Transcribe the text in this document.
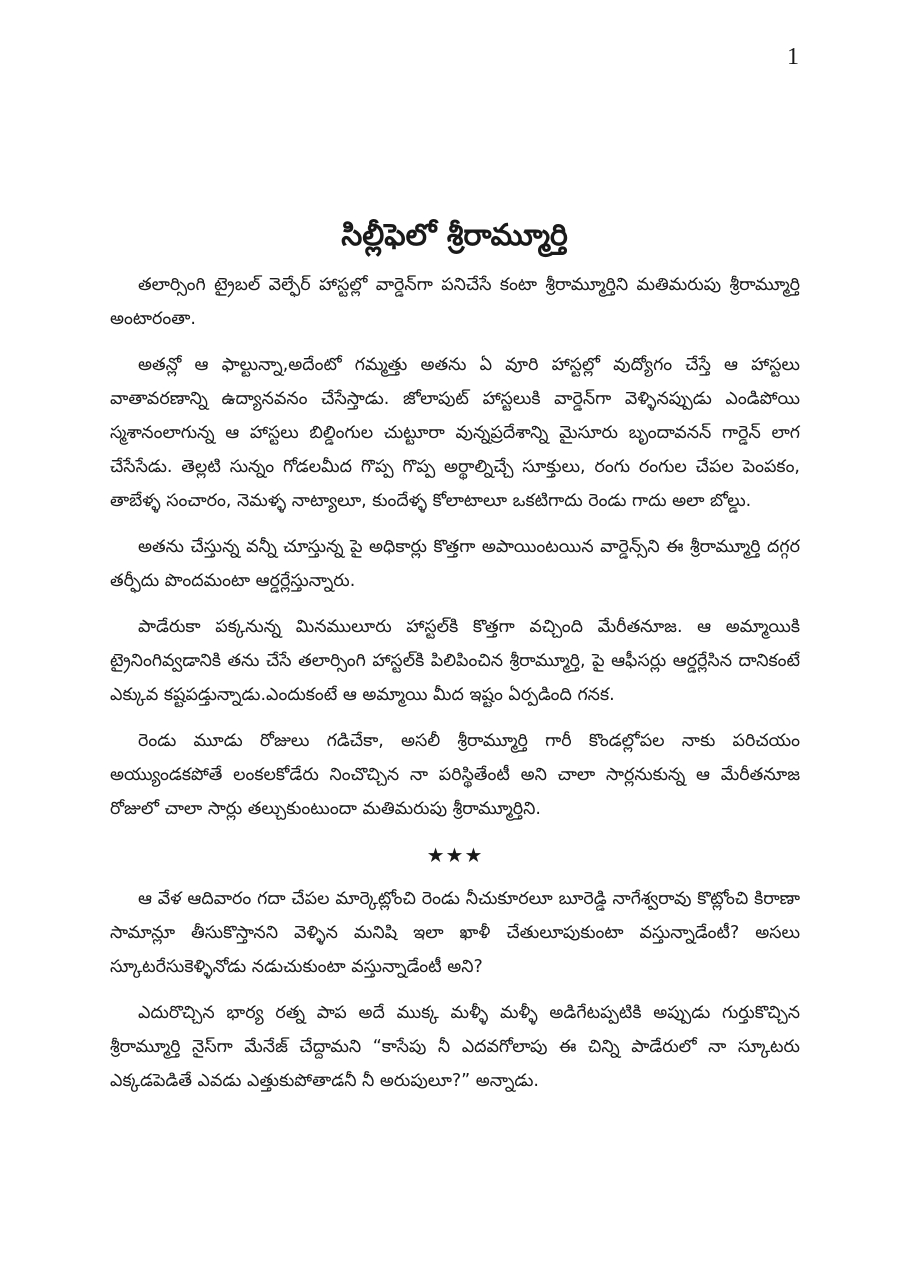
1
సిల్లీఫెలో శ్రీరామ్మూర్తి

తలార్సింగి ట్రైబల్ వెల్ఫేర్ హాస్టల్లో వార్డెన్‌గా పనిచేసే కంటా శ్రీరామ్మూర్తిని మతిమరుపు శ్రీరామ్మూర్తి అంటారంతా.

అతన్లో ఆ ఫాల్టున్నా,అదేంటో గమ్మత్తు అతను ఏ వూరి హాస్టల్లో వుద్యోగం చేస్తే ఆ హాస్టలు వాతావరణాన్ని ఉద్యానవనం చేసేస్తాడు. జోలాపుట్ హాస్టలుకి వార్డెన్‌గా వెళ్ళినప్పుడు ఎండిపోయి స్మశానంలాగున్న ఆ హాస్టలు బిల్డింగుల చుట్టూరా వున్నప్రదేశాన్ని మైసూరు బృందావనన్ గార్డెన్ లాగ చేసేసేడు. తెల్లటి సున్నం గోడలమీద గొప్ప గొప్ప అర్థాల్నిచ్చే సూక్తులు, రంగు రంగుల చేపల పెంపకం, తాబేళ్ళ సంచారం, నెమళ్ళ నాట్యాలూ, కుందేళ్ళ కోలాటాలూ ఒకటిగాదు రెండు గాదు అలా బోల్డు.

అతను చేస్తున్న వన్నీ చూస్తున్న పై అధికార్లు కొత్తగా అపాయింటయిన వార్డెన్స్‌ని ఈ శ్రీరామ్మూర్తి దగ్గర తర్ఫీదు పొందమంటా ఆర్డర్లేస్తున్నారు.

పాడేరుకా పక్కనున్న మినములూరు హాస్టల్‌కి కొత్తగా వచ్చింది మేరీతనూజ. ఆ అమ్మాయికి ట్రైనింగివ్వడానికి తను చేసే తలార్సింగి హాస్టల్‌కి పిలిపించిన శ్రీరామ్మూర్తి, పై ఆఫీసర్లు ఆర్డర్లేసిన దానికంటే ఎక్కువ కష్టపడ్తున్నాడు.ఎందుకంటే ఆ అమ్మాయి మీద ఇష్టం ఏర్పడింది గనక.

రెండు మూడు రోజులు గడిచేకా, అసలీ శ్రీరామ్మూర్తి గారీ కొండల్లోపల నాకు పరిచయం అయ్యుండకపోతే లంకలకోడేరు నించొచ్చిన నా పరిస్థితేంటీ అని చాలా సార్లనుకున్న ఆ మేరీతనూజ రోజులో చాలా సార్లు తల్చుకుంటుందా మతిమరుపు శ్రీరామ్మూర్తిని.

★★★

ఆ వేళ ఆదివారం గదా చేపల మార్కెట్లోంచి రెండు నీచుకూరలూ బూరెడ్డి నాగేశ్వరావు కొట్లోంచి కిరాణా సామాన్లూ తీసుకొస్తానని వెళ్ళిన మనిషి ఇలా ఖాళీ చేతులూపుకుంటా వస్తున్నాడేంటీ? అసలు స్కూటరేసుకెళ్ళినోడు నడుచుకుంటా వస్తున్నాడేంటీ అని?

ఎదురొచ్చిన భార్య రత్న పాప అదే ముక్క మళ్ళీ మళ్ళీ అడిగేటప్పటికి అప్పుడు గుర్తుకొచ్చిన శ్రీరామ్మూర్తి నైస్‌గా మేనేజ్ చేద్దామని “కాసేపు నీ ఎదవగోలాపు ఈ చిన్ని పాడేరులో నా స్కూటరు ఎక్కడపెడితే ఎవడు ఎత్తుకుపోతాడనీ నీ అరుపులూ?” అన్నాడు.
